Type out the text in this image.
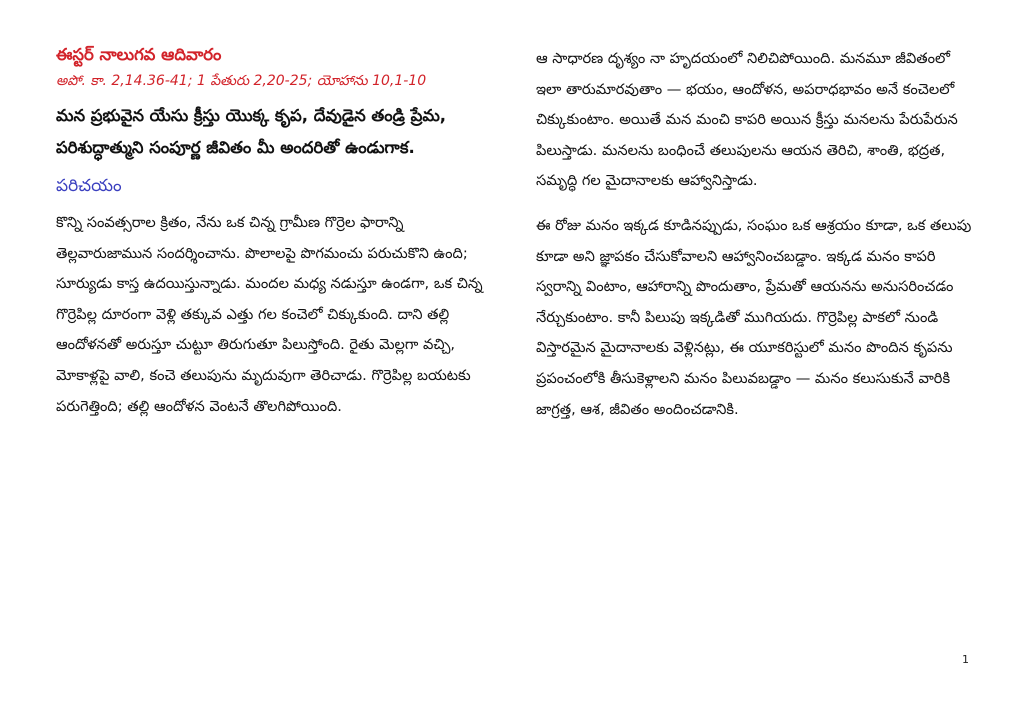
ఈస్టర్ నాలుగవ ఆదివారం
అపో. కా. 2,14.36-41; 1 పేతురు 2,20-25; యోహాను 10,1-10
మన ప్రభువైన యేసు క్రీస్తు యొక్క కృప, దేవుడైన తండ్రి ప్రేమ, పరిశుద్ధాత్ముని సంపూర్ణ జీవితం మీ అందరితో ఉండుగాక.
పరిచయం

కొన్ని సంవత్సరాల క్రితం, నేను ఒక చిన్న గ్రామీణ గొర్రెల ఫారాన్ని తెల్లవారుజామున సందర్శించాను. పొలాలపై పొగమంచు పరుచుకొని ఉంది; సూర్యుడు కాస్త ఉదయిస్తున్నాడు. మందల మధ్య నడుస్తూ ఉండగా, ఒక చిన్న గొర్రెపిల్ల దూరంగా వెళ్లి తక్కువ ఎత్తు గల కంచెలో చిక్కుకుంది. దాని తల్లి ఆందోళనతో అరుస్తూ చుట్టూ తిరుగుతూ పిలుస్తోంది. రైతు మెల్లగా వచ్చి, మోకాళ్లపై వాలి, కంచె తలుపును మృదువుగా తెరిచాడు. గొర్రెపిల్ల బయటకు పరుగెత్తింది; తల్లి ఆందోళన వెంటనే తొలగిపోయింది.

ఆ సాధారణ దృశ్యం నా హృదయంలో నిలిచిపోయింది. మనమూ జీవితంలో ఇలా తారుమారవుతాం — భయం, ఆందోళన, అపరాధభావం అనే కంచెలలో చిక్కుకుంటాం. అయితే మన మంచి కాపరి అయిన క్రీస్తు మనలను పేరుపేరున పిలుస్తాడు. మనలను బంధించే తలుపులను ఆయన తెరిచి, శాంతి, భద్రత, సమృద్ధి గల మైదానాలకు ఆహ్వానిస్తాడు.

ఈ రోజు మనం ఇక్కడ కూడినప్పుడు, సంఘం ఒక ఆశ్రయం కూడా, ఒక తలుపు కూడా అని జ్ఞాపకం చేసుకోవాలని ఆహ్వానించబడ్డాం. ఇక్కడ మనం కాపరి స్వరాన్ని వింటాం, ఆహారాన్ని పొందుతాం, ప్రేమతో ఆయనను అనుసరించడం నేర్చుకుంటాం. కానీ పిలుపు ఇక్కడితో ముగియదు. గొర్రెపిల్ల పాకలో నుండి విస్తారమైన మైదానాలకు వెళ్లినట్లు, ఈ యూకరిస్టులో మనం పొందిన కృపను ప్రపంచంలోకి తీసుకెళ్లాలని మనం పిలువబడ్డాం — మనం కలుసుకునే వారికి జాగ్రత్త, ఆశ, జీవితం అందించడానికి.

1
